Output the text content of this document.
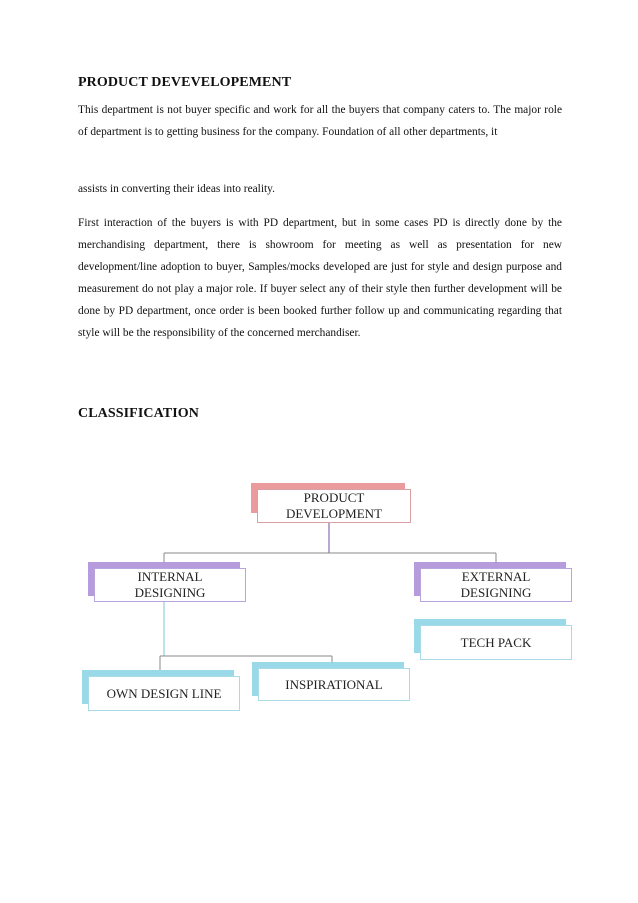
PRODUCT DEVEVELOPEMENT

This department is not buyer specific and work for all the buyers that company caters to. The major role of department is to getting business for the company. Foundation of all other departments, it

assists in converting their ideas into reality.

First interaction of the buyers is with PD department, but in some cases PD is directly done by the merchandising department, there is showroom for meeting as well as presentation for new development/line adoption to buyer, Samples/mocks developed are just for style and design purpose and measurement do not play a major role. If buyer select any of their style then further development will be done by PD department, once order is been booked further follow up and communicating regarding that style will be the responsibility of the concerned merchandiser.

CLASSIFICATION
PRODUCT
DEVELOPMENT
INTERNAL
DESIGNING
EXTERNAL
DESIGNING
TECH PACK
OWN DESIGN LINE
INSPIRATIONAL
